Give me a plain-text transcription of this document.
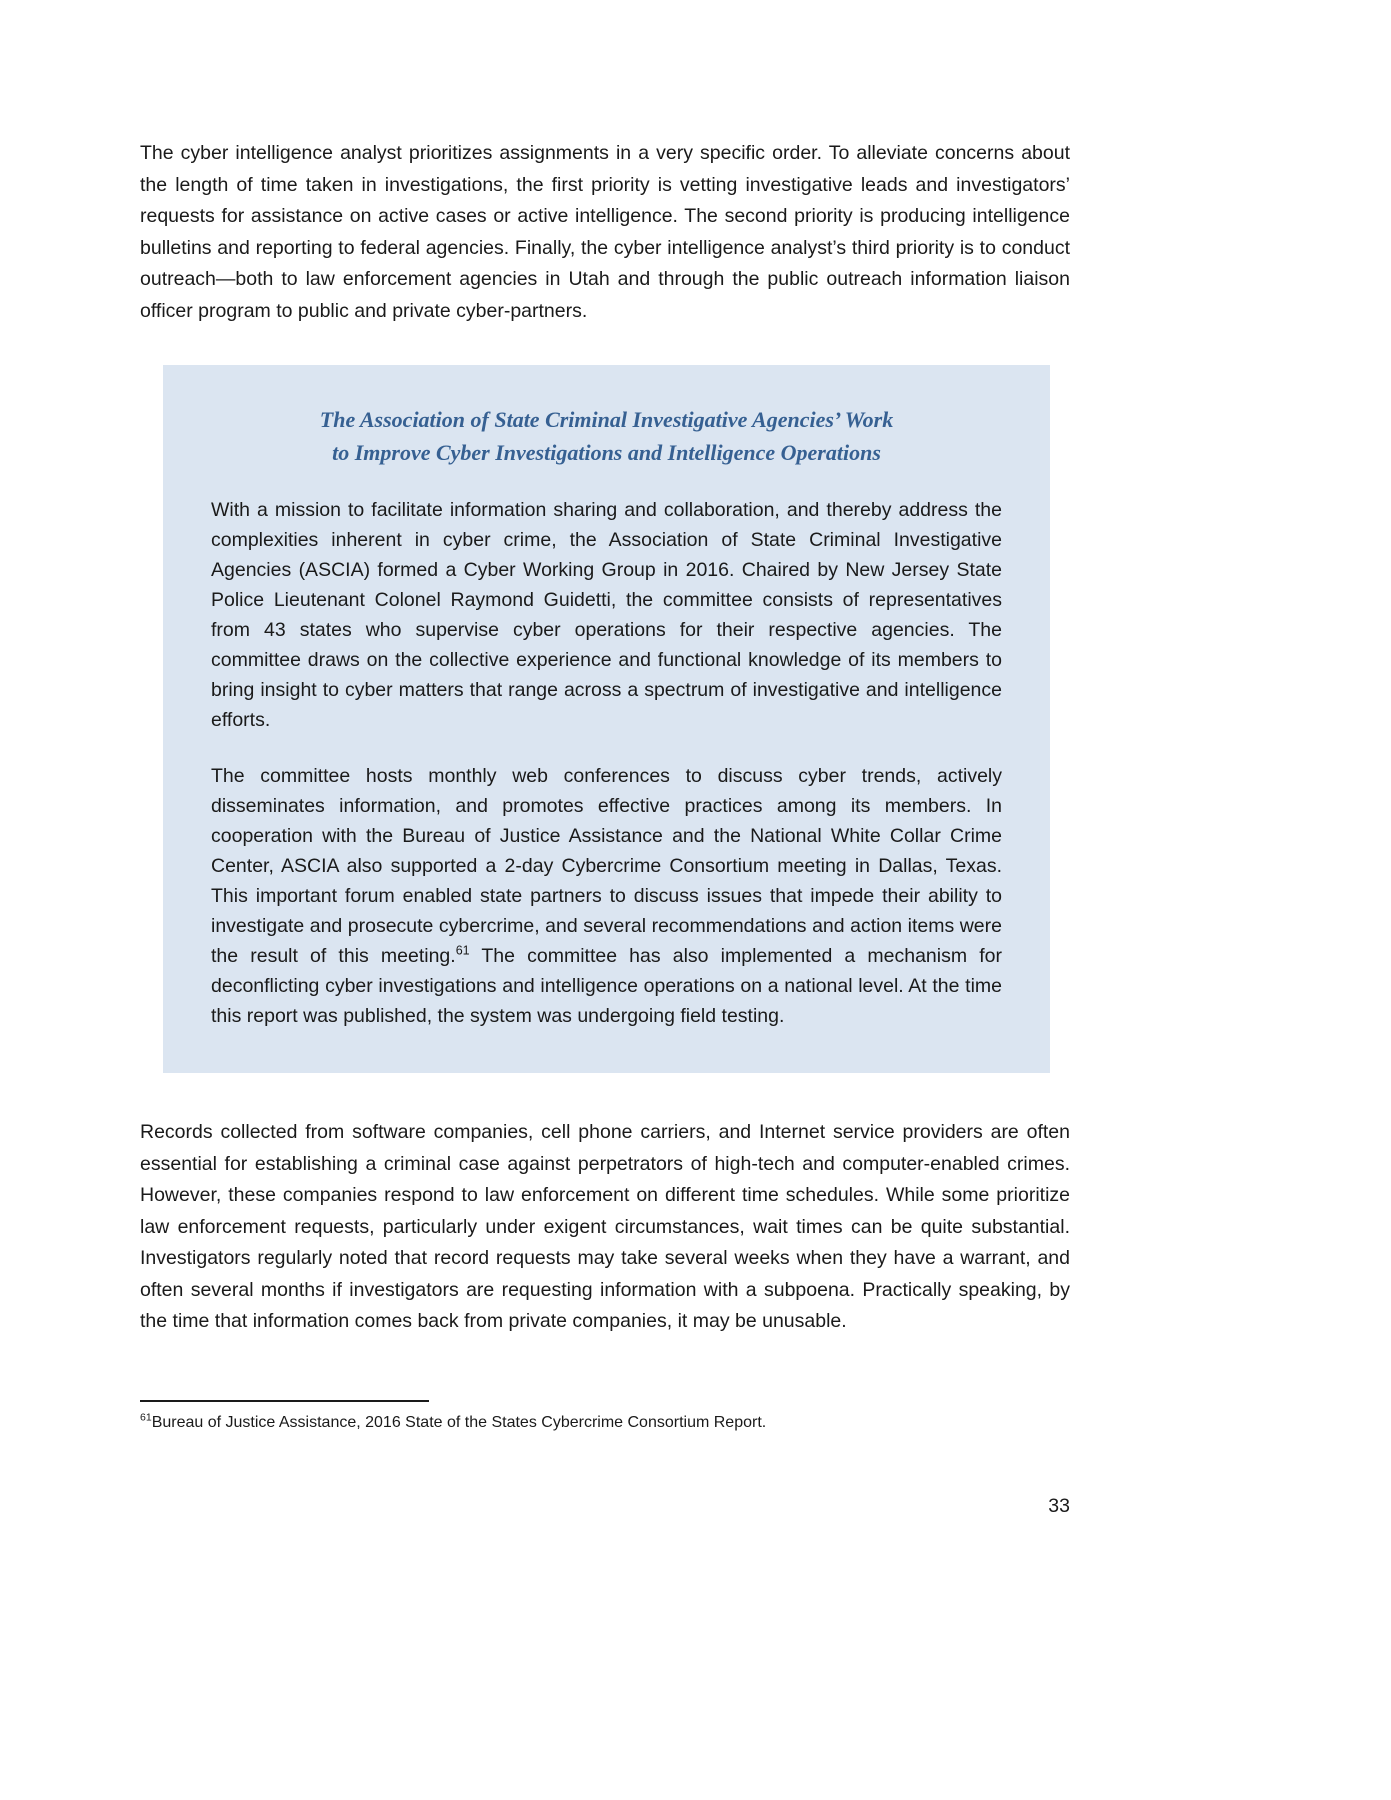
The cyber intelligence analyst prioritizes assignments in a very specific order. To alleviate concerns about the length of time taken in investigations, the first priority is vetting investigative leads and investigators’ requests for assistance on active cases or active intelligence. The second priority is producing intelligence bulletins and reporting to federal agencies. Finally, the cyber intelligence analyst’s third priority is to conduct outreach—both to law enforcement agencies in Utah and through the public outreach information liaison officer program to public and private cyber-partners.

The Association of State Criminal Investigative Agencies’ Work
to Improve Cyber Investigations and Intelligence Operations

With a mission to facilitate information sharing and collaboration, and thereby address the complexities inherent in cyber crime, the Association of State Criminal Investigative Agencies (ASCIA) formed a Cyber Working Group in 2016. Chaired by New Jersey State Police Lieutenant Colonel Raymond Guidetti, the committee consists of representatives from 43 states who supervise cyber operations for their respective agencies. The committee draws on the collective experience and functional knowledge of its members to bring insight to cyber matters that range across a spectrum of investigative and intelligence efforts.

The committee hosts monthly web conferences to discuss cyber trends, actively disseminates information, and promotes effective practices among its members. In cooperation with the Bureau of Justice Assistance and the National White Collar Crime Center, ASCIA also supported a 2-day Cybercrime Consortium meeting in Dallas, Texas. This important forum enabled state partners to discuss issues that impede their ability to investigate and prosecute cybercrime, and several recommendations and action items were the result of this meeting.$^{61}$ The committee has also implemented a mechanism for deconflicting cyber investigations and intelligence operations on a national level. At the time this report was published, the system was undergoing field testing.

Records collected from software companies, cell phone carriers, and Internet service providers are often essential for establishing a criminal case against perpetrators of high-tech and computer-enabled crimes. However, these companies respond to law enforcement on different time schedules. While some prioritize law enforcement requests, particularly under exigent circumstances, wait times can be quite substantial. Investigators regularly noted that record requests may take several weeks when they have a warrant, and often several months if investigators are requesting information with a subpoena. Practically speaking, by the time that information comes back from private companies, it may be unusable.

$^{61}$Bureau of Justice Assistance, 2016 State of the States Cybercrime Consortium Report.

33
